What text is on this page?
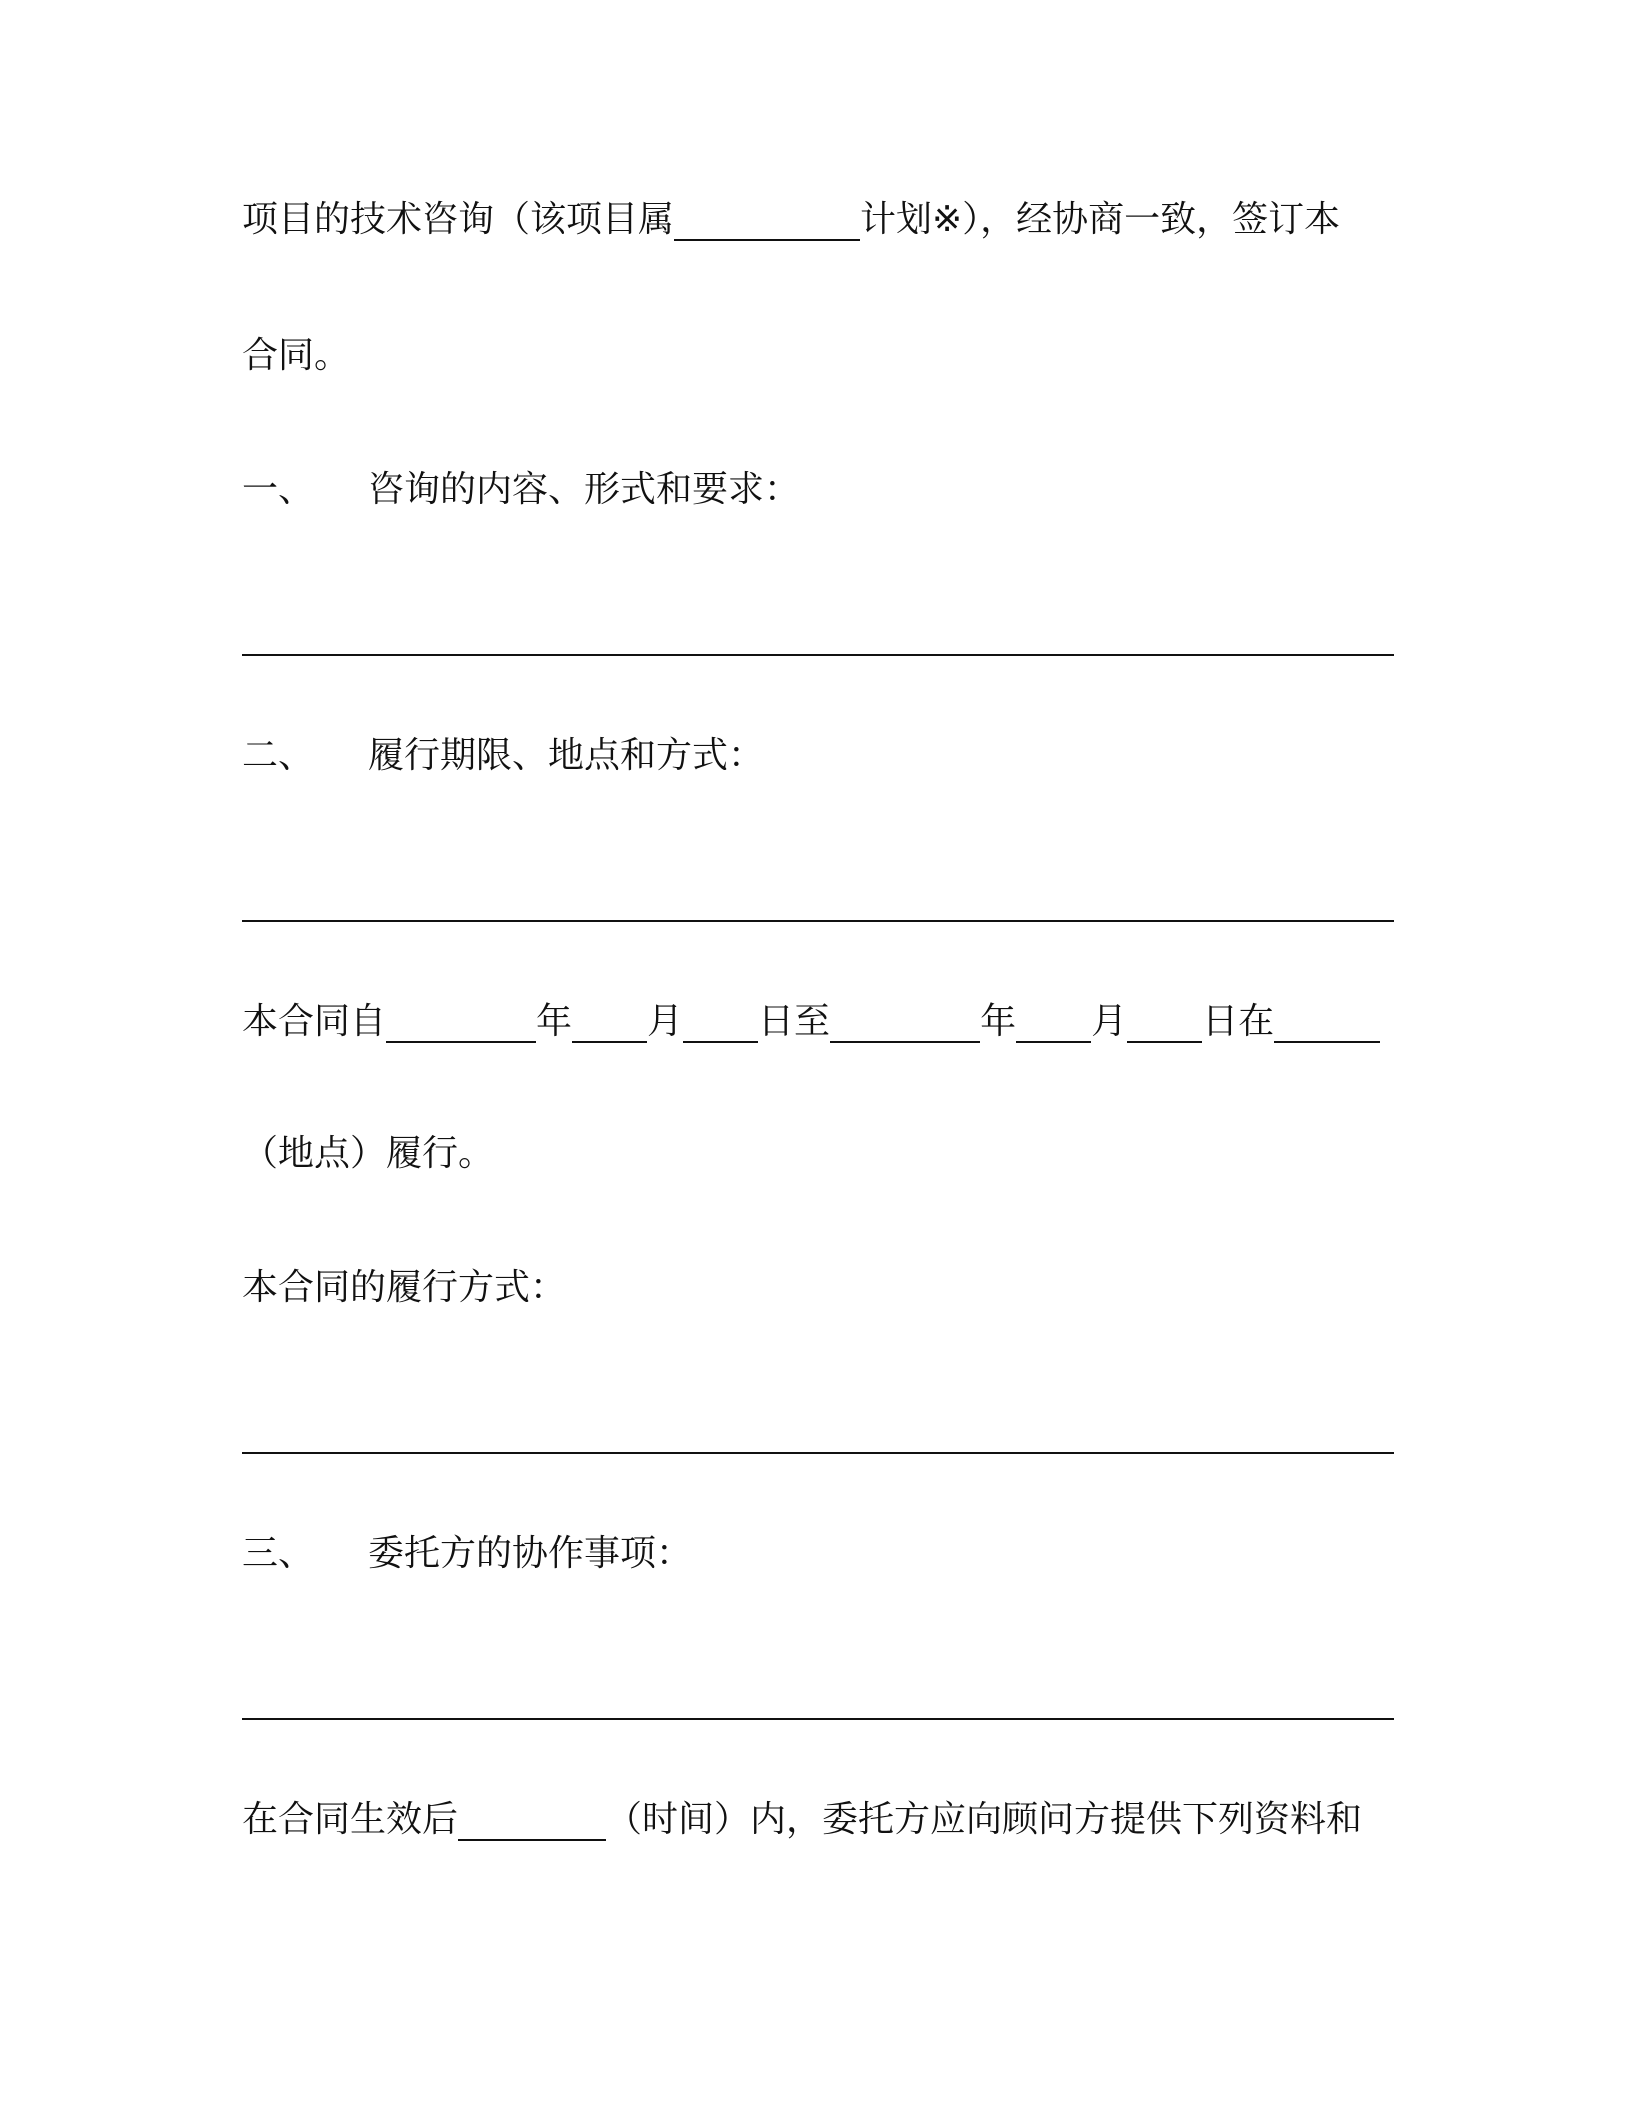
项目的技术咨询（该项目属	计划※），经协商一致，签订本
合同。
一、	咨询的内容、形式和要求：
二、	履行期限、地点和方式：
本合同自	年 月 日至	年 月 日在
（地点）履行。
本合同的履行方式：
三、	委托方的协作事项：
在合同生效后	（时间）内，委托方应向顾问方提供下列资料和
